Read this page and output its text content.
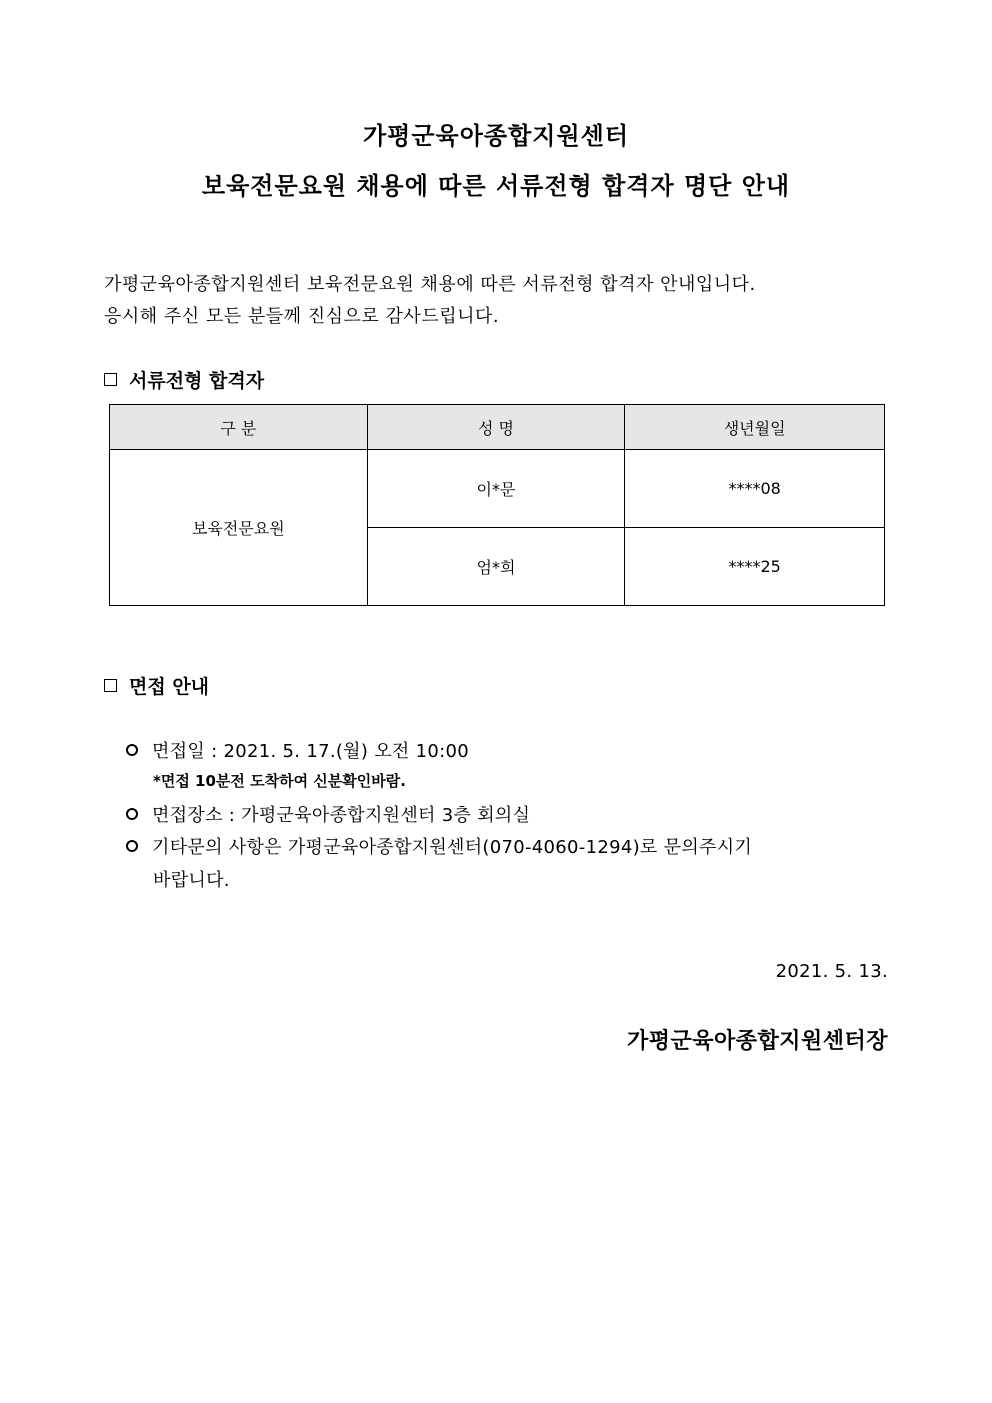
가평군육아종합지원센터
보육전문요원 채용에 따른 서류전형 합격자 명단 안내
가평군육아종합지원센터 보육전문요원 채용에 따른 서류전형 합격자 안내입니다.
응시해 주신 모든 분들께 진심으로 감사드립니다.
서류전형 합격자
구 분	성 명	생년월일
보육전문요원	이*문	****08
	엄*희	****25
면접 안내
면접일 : 2021. 5. 17.(월) 오전 10:00
*면접 10분전 도착하여 신분확인바람.
면접장소 : 가평군육아종합지원센터 3층 회의실
기타문의 사항은 가평군육아종합지원센터(070-4060-1294)로 문의주시기
바랍니다.
2021. 5. 13.
가평군육아종합지원센터장
